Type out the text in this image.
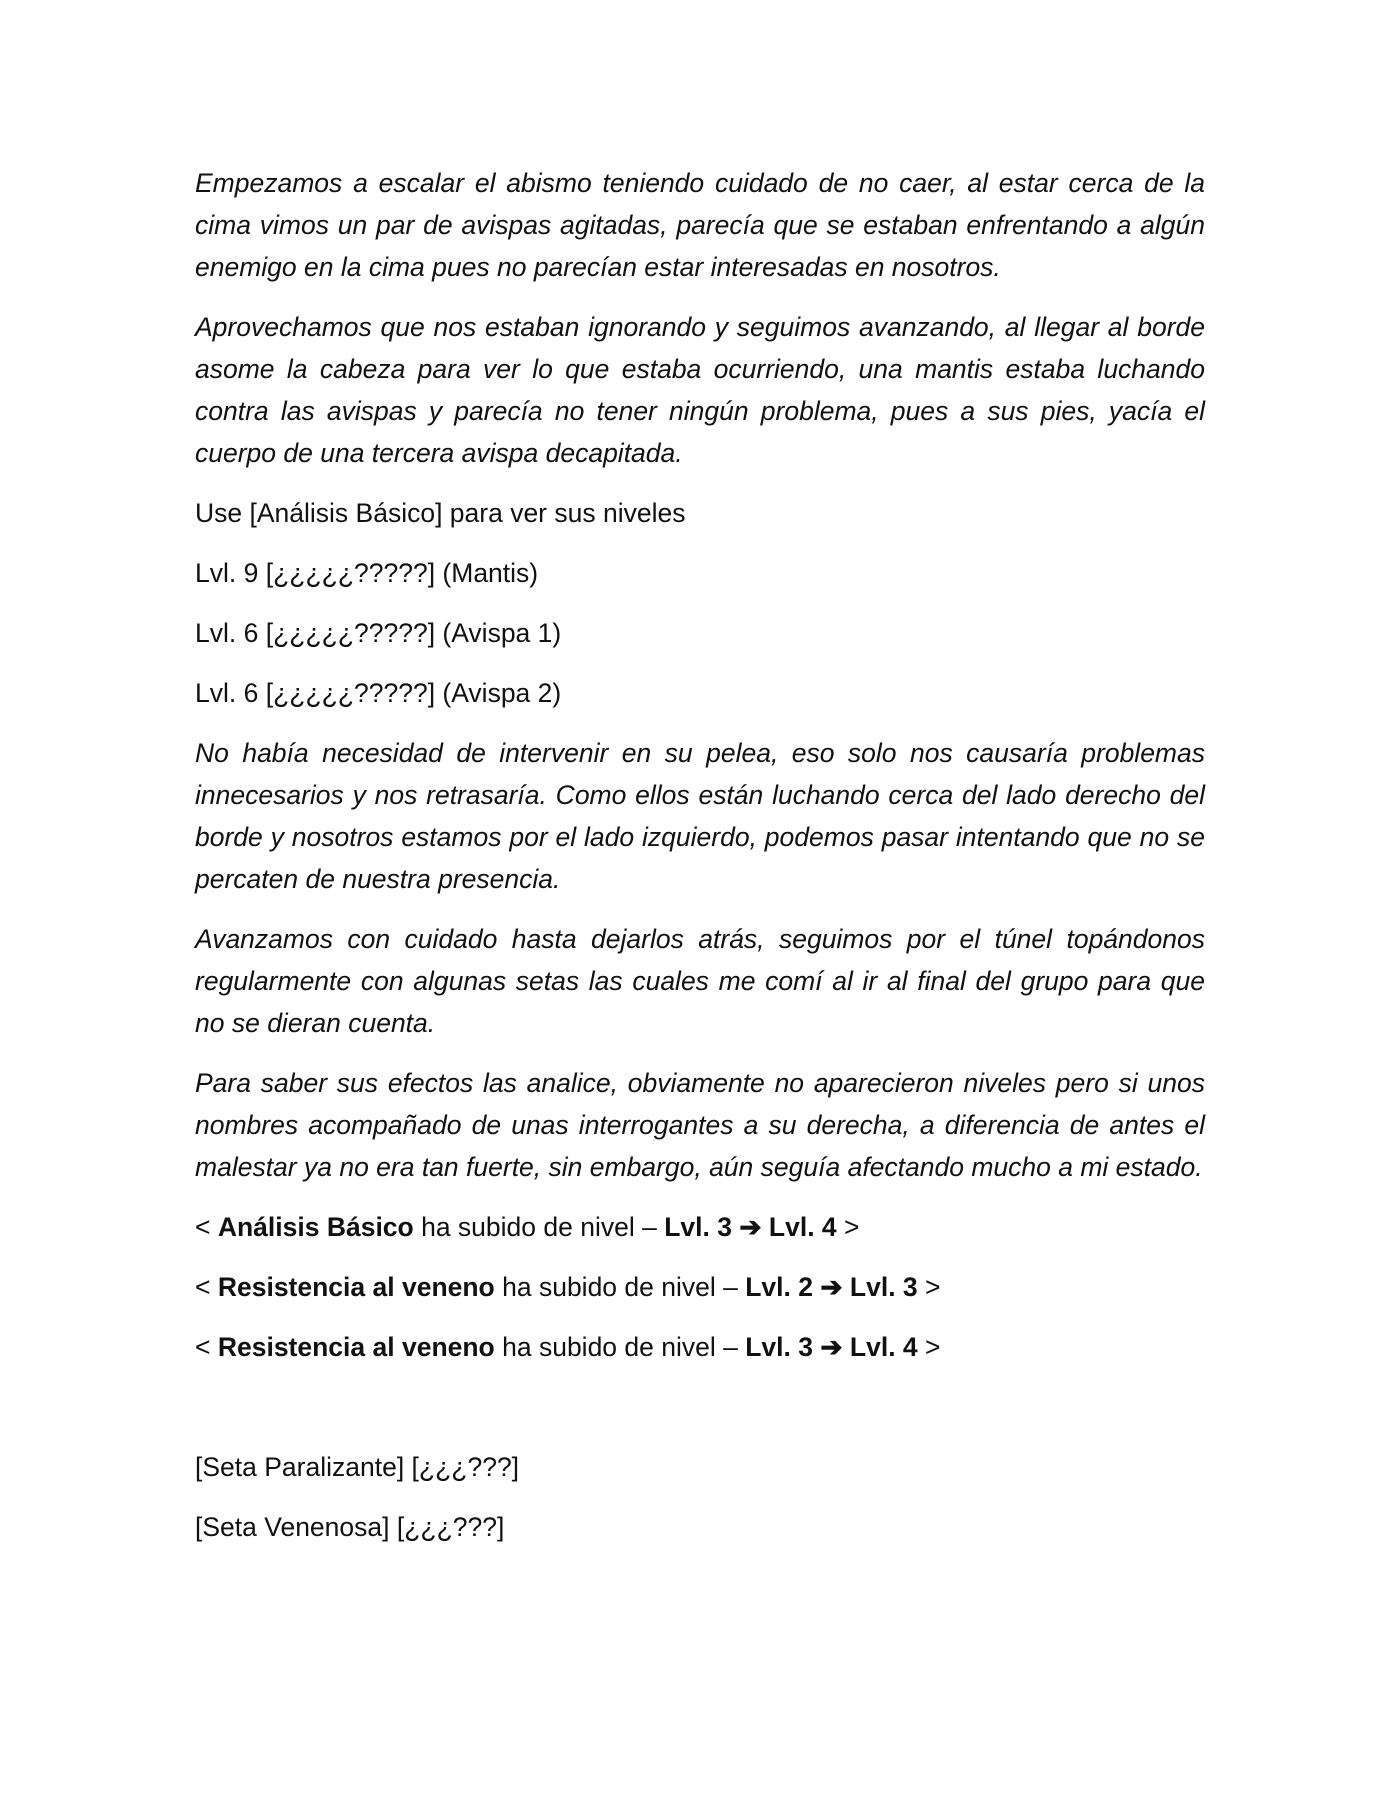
Empezamos a escalar el abismo teniendo cuidado de no caer, al estar cerca de la cima vimos un par de avispas agitadas, parecía que se estaban enfrentando a algún enemigo en la cima pues no parecían estar interesadas en nosotros.

Aprovechamos que nos estaban ignorando y seguimos avanzando, al llegar al borde asome la cabeza para ver lo que estaba ocurriendo, una mantis estaba luchando contra las avispas y parecía no tener ningún problema, pues a sus pies, yacía el cuerpo de una tercera avispa decapitada.

Use [Análisis Básico] para ver sus niveles

Lvl. 9 [¿¿¿¿¿?????] (Mantis)

Lvl. 6 [¿¿¿¿¿?????] (Avispa 1)

Lvl. 6 [¿¿¿¿¿?????] (Avispa 2)

No había necesidad de intervenir en su pelea, eso solo nos causaría problemas innecesarios y nos retrasaría. Como ellos están luchando cerca del lado derecho del borde y nosotros estamos por el lado izquierdo, podemos pasar intentando que no se percaten de nuestra presencia.

Avanzamos con cuidado hasta dejarlos atrás, seguimos por el túnel topándonos regularmente con algunas setas las cuales me comí al ir al final del grupo para que no se dieran cuenta.

Para saber sus efectos las analice, obviamente no aparecieron niveles pero si unos nombres acompañado de unas interrogantes a su derecha, a diferencia de antes el malestar ya no era tan fuerte, sin embargo, aún seguía afectando mucho a mi estado.

< Análisis Básico ha subido de nivel – Lvl. 3 ➔ Lvl. 4 >

< Resistencia al veneno ha subido de nivel – Lvl. 2 ➔ Lvl. 3 >

< Resistencia al veneno ha subido de nivel – Lvl. 3 ➔ Lvl. 4 >

[Seta Paralizante] [¿¿¿???]

[Seta Venenosa] [¿¿¿???]
